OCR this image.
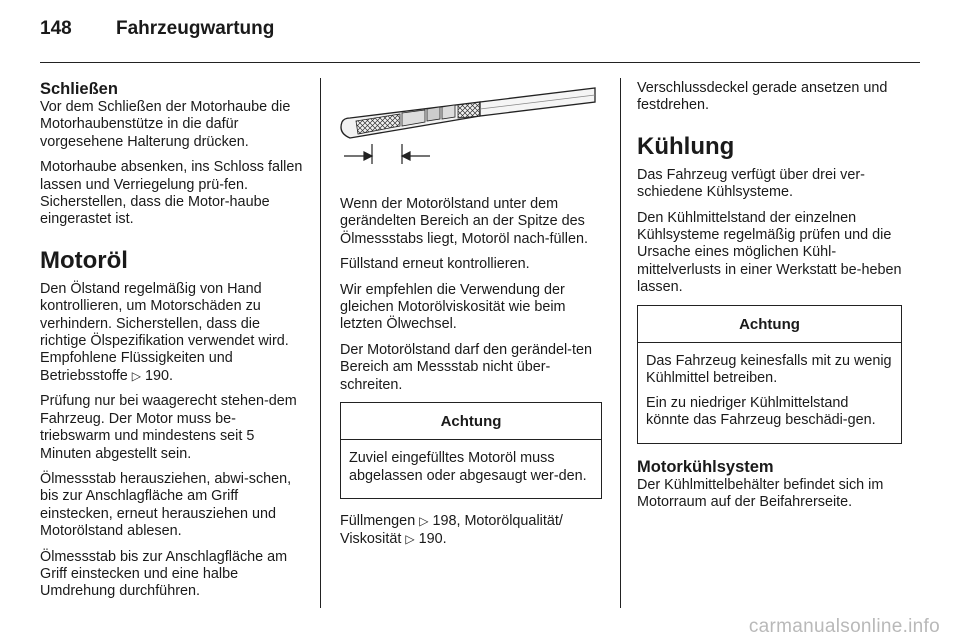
148	Fahrzeugwartung
Schließen

Vor dem Schließen der Motorhaube die Motorhaubenstütze in die dafür vorgesehene Halterung drücken.

Motorhaube absenken, ins Schloss fallen lassen und Verriegelung prü-fen. Sicherstellen, dass die Motor-haube eingerastet ist.

Motoröl

Den Ölstand regelmäßig von Hand kontrollieren, um Motorschäden zu verhindern. Sicherstellen, dass die richtige Ölspezifikation verwendet wird. Empfohlene Flüssigkeiten und Betriebsstoffe ▷ 190.

Prüfung nur bei waagerecht stehen-dem Fahrzeug. Der Motor muss be-triebswarm und mindestens seit 5 Minuten abgestellt sein.

Ölmessstab herausziehen, abwi-schen, bis zur Anschlagfläche am Griff einstecken, erneut herausziehen und Motorölstand ablesen.

Ölmessstab bis zur Anschlagfläche am Griff einstecken und eine halbe Umdrehung durchführen.

Wenn der Motorölstand unter dem gerändelten Bereich an der Spitze des Ölmessstabs liegt, Motoröl nach-füllen.

Füllstand erneut kontrollieren.

Wir empfehlen die Verwendung der gleichen Motorölviskosität wie beim letzten Ölwechsel.

Der Motorölstand darf den gerändel-ten Bereich am Messstab nicht über-schreiten.

Achtung

Zuviel eingefülltes Motoröl muss abgelassen oder abgesaugt wer-den.

Füllmengen ▷ 198, Motorölqualität/
Viskosität ▷ 190.

Verschlussdeckel gerade ansetzen und festdrehen.

Kühlung

Das Fahrzeug verfügt über drei ver-schiedene Kühlsysteme.

Den Kühlmittelstand der einzelnen Kühlsysteme regelmäßig prüfen und die Ursache eines möglichen Kühl-mittelverlusts in einer Werkstatt be-heben lassen.

Achtung

Das Fahrzeug keinesfalls mit zu wenig Kühlmittel betreiben.

Ein zu niedriger Kühlmittelstand könnte das Fahrzeug beschädi-gen.

Motorkühlsystem

Der Kühlmittelbehälter befindet sich im Motorraum auf der Beifahrerseite.

carmanualsonline.info
